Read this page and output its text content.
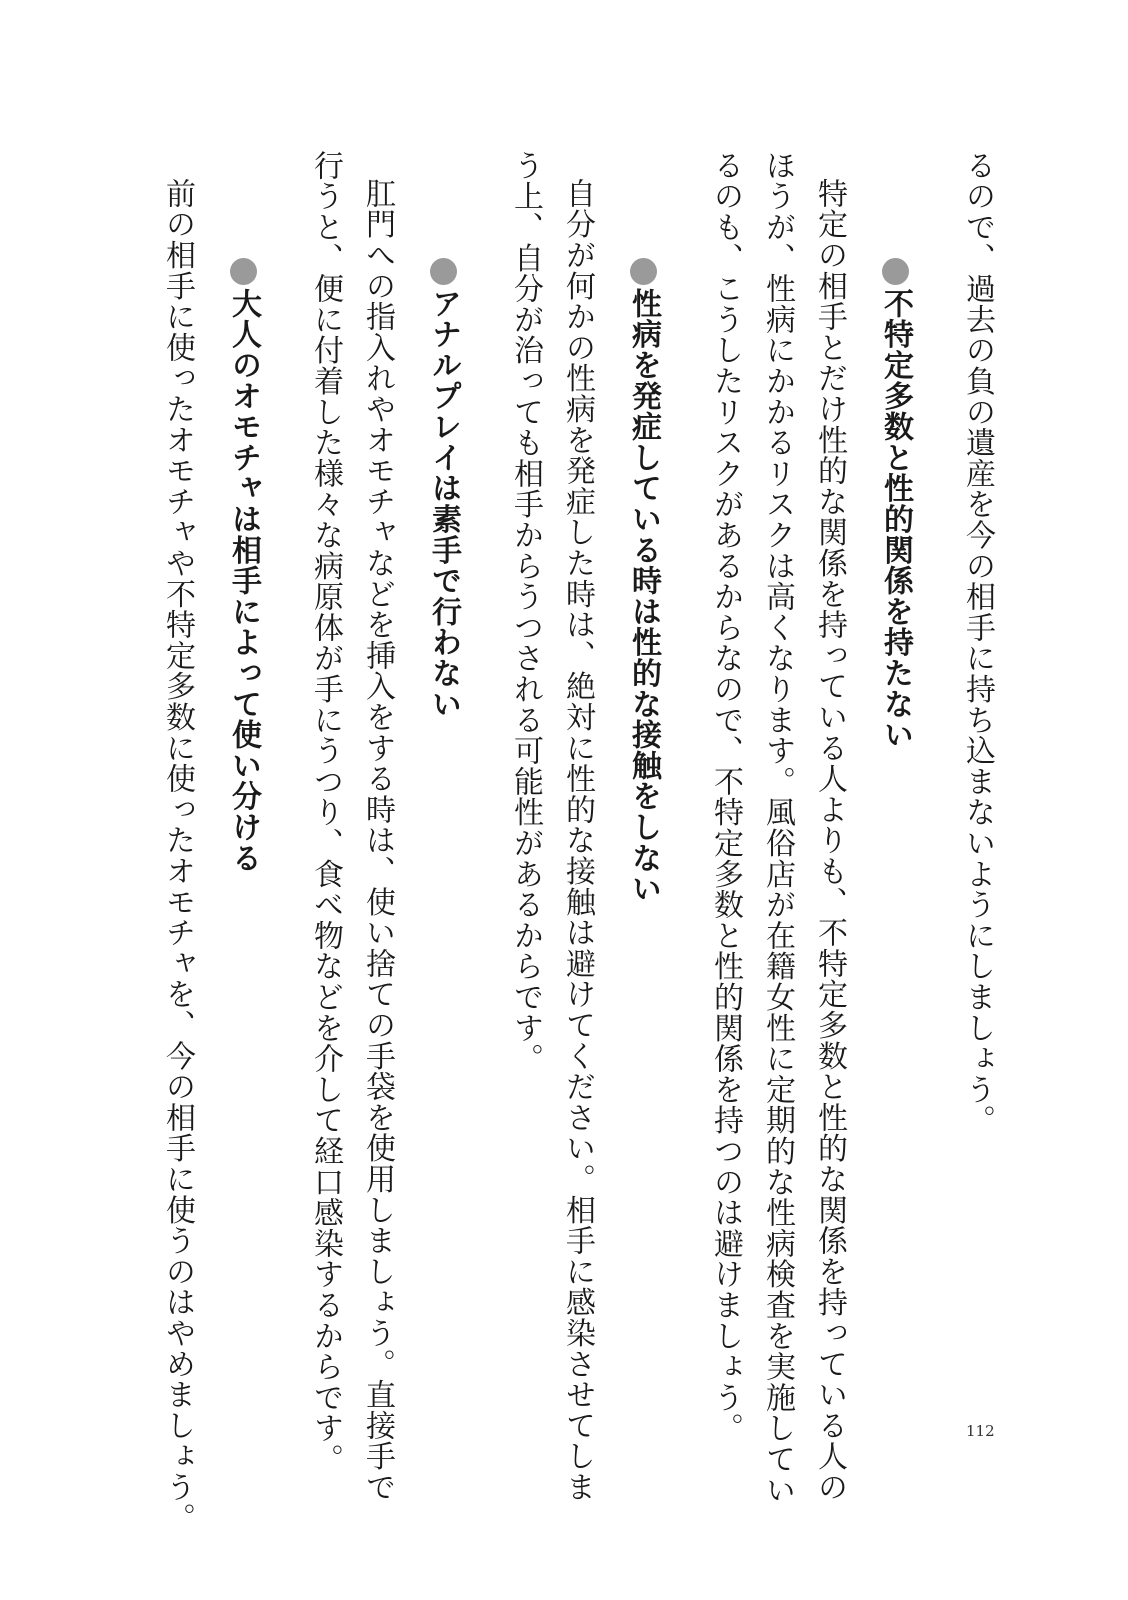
るので、過去の負の遺産を今の相手に持ち込まないようにしましょう。

不特定多数と性的関係を持たない

特定の相手とだけ性的な関係を持っている人よりも、不特定多数と性的な関係を持っている人の

ほうが、性病にかかるリスクは高くなります。風俗店が在籍女性に定期的な性病検査を実施してい

るのも、こうしたリスクがあるからなので、不特定多数と性的関係を持つのは避けましょう。

性病を発症している時は性的な接触をしない

自分が何かの性病を発症した時は、絶対に性的な接触は避けてください。相手に感染させてしま

う上、自分が治っても相手からうつされる可能性があるからです。

アナルプレイは素手で行わない

肛門への指入れやオモチャなどを挿入をする時は、使い捨ての手袋を使用しましょう。直接手で

行うと、便に付着した様々な病原体が手にうつり、食べ物などを介して経口感染するからです。

大人のオモチャは相手によって使い分ける

前の相手に使ったオモチャや不特定多数に使ったオモチャを、今の相手に使うのはやめましょう。	112
